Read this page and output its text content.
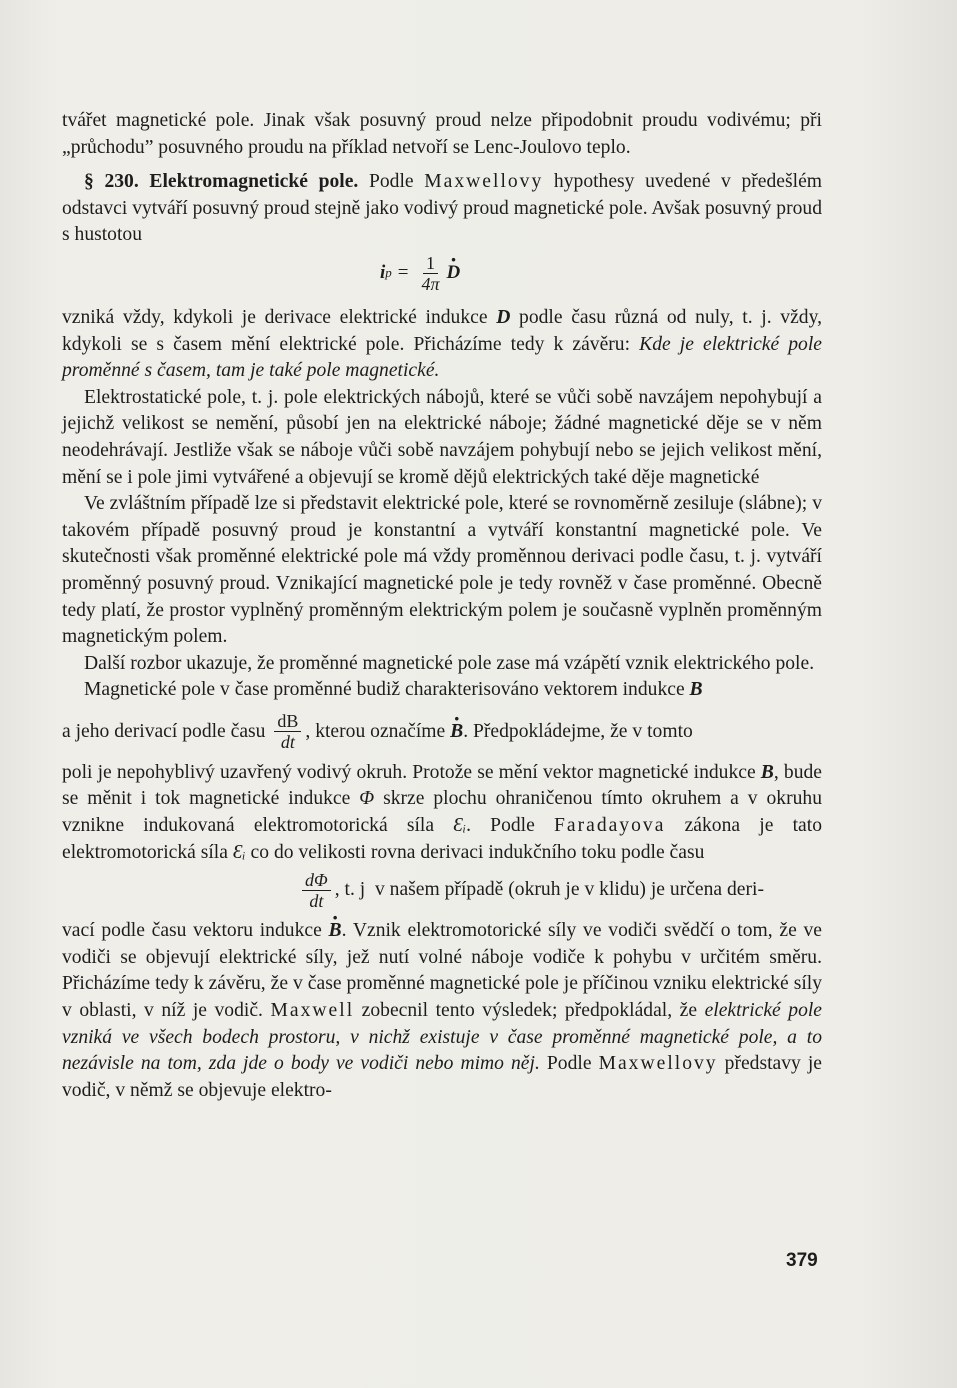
tvářet magnetické pole. Jinak však posuvný proud nelze připodobnit proudu vodivému; při „průchodu” posuvného proudu na příklad netvoří se Lenc-Joulovo teplo.

§ 230. Elektromagnetické pole. Podle Maxwellovy hypothesy uvedené v předešlém odstavci vytváří posuvný proud stejně jako vodivý proud magnetické pole. Avšak posuvný proud s hustotou

i $p = \frac{1}{4\pi}$
· D

vzniká vždy, kdykoli je derivace elektrické indukce D podle času různá od nuly, t. j. vždy, kdykoli se s časem mění elektrické pole. Přicházíme tedy k závěru: Kde je elektrické pole proměnné s časem, tam je také pole magnetické.

Elektrostatické pole, t. j. pole elektrických nábojů, které se vůči sobě navzájem nepohybují a jejichž velikost se nemění, působí jen na elektrické náboje; žádné magnetické děje se v něm neodehrávají. Jestliže však se náboje vůči sobě navzájem pohybují nebo se jejich velikost mění, mění se i pole jimi vytvářené a objevují se kromě dějů elektrických také děje magnetické

Ve zvláštním případě lze si představit elektrické pole, které se rovnoměrně zesiluje (slábne); v takovém případě posuvný proud je konstantní a vytváří konstantní magnetické pole. Ve skutečnosti však proměnné elektrické pole má vždy proměnnou derivaci podle času, t. j. vytváří proměnný posuvný proud. Vznikající magnetické pole je tedy rovněž v čase proměnné. Obecně tedy platí, že prostor vyplněný proměnným elektrickým polem je současně vyplněn proměnným magnetickým polem.

Další rozbor ukazuje, že proměnné magnetické pole zase má vzápětí vznik elektrického pole.

Magnetické pole v čase proměnné budiž charakterisováno vektorem indukce B

a jeho derivací podle času $\frac{dB}{dt}$ , kterou označíme
· B . Předpokládejme, že v tomto

poli je nepohyblivý uzavřený vodivý okruh. Protože se mění vektor magnetické indukce B, bude se měnit i tok magnetické indukce Φ skrze plochu ohraničenou tímto okruhem a v okruhu vznikne indukovaná elektromotorická síla Ɛᵢ. Podle Faradayova zákona je tato elektromotorická síla Ɛᵢ co do velikosti rovna derivaci indukčního toku podle času

$\frac{d\Phi}{dt}$ , t. j  v našem případě (okruh je v klidu) je určena deri-

vací podle času vektoru indukce · B. Vznik elektromotorické síly ve vodiči svědčí o tom, že ve vodiči se objevují elektrické síly, jež nutí volné náboje vodiče k pohybu v určitém směru. Přicházíme tedy k závěru, že v čase proměnné magnetické pole je příčinou vzniku elektrické síly v oblasti, v níž je vodič. Maxwell zobecnil tento výsledek; předpokládal, že elektrické pole vzniká ve všech bodech prostoru, v nichž existuje v čase proměnné magnetické pole, a to nezávisle na tom, zda jde o body ve vodiči nebo mimo něj. Podle Maxwellovy představy je vodič, v němž se objevuje elektro-

379
